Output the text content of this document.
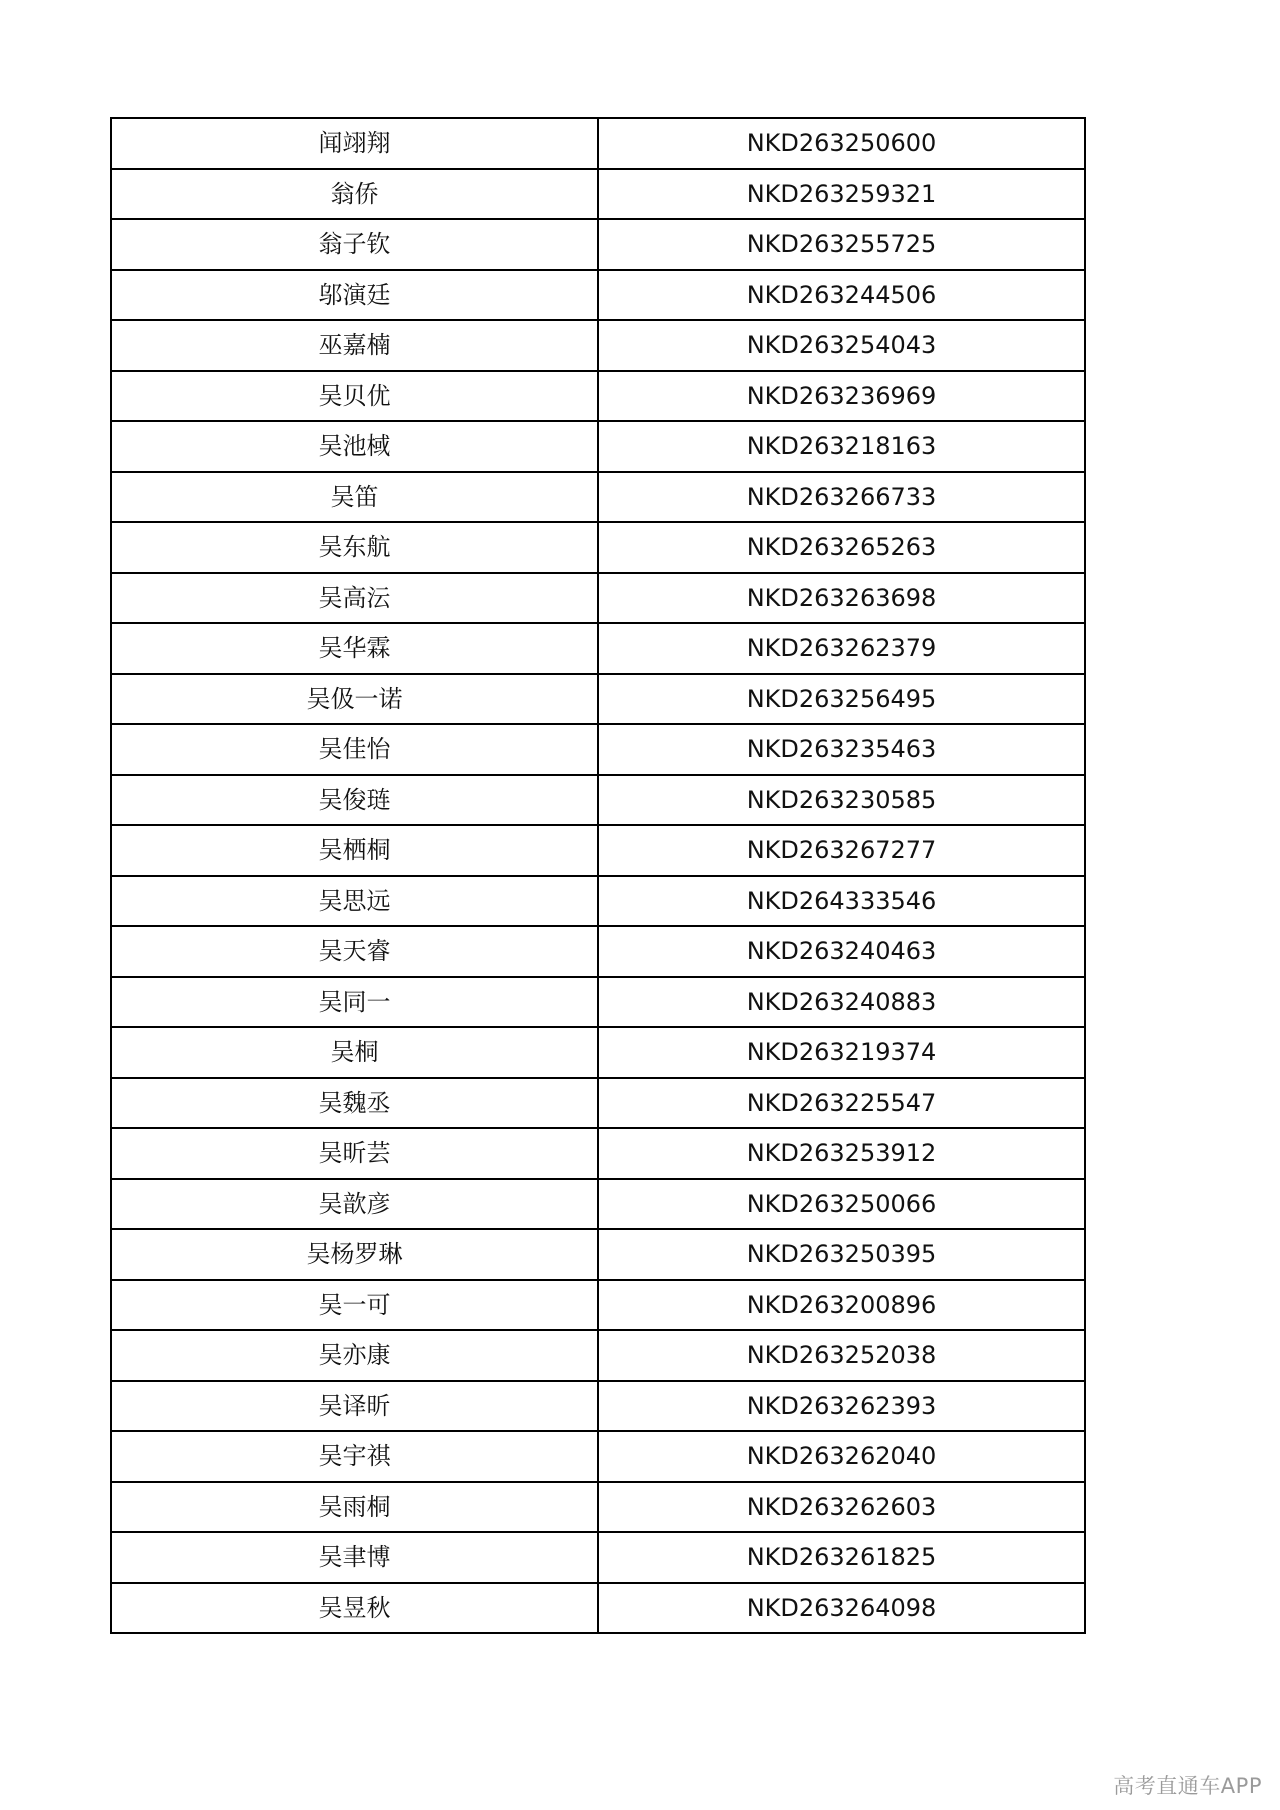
闻翊翔	NKD263250600
翁侨	NKD263259321
翁子钦	NKD263255725
邬演廷	NKD263244506
巫嘉楠	NKD263254043
吴贝优	NKD263236969
吴池棫	NKD263218163
吴笛	NKD263266733
吴东航	NKD263265263
吴高沄	NKD263263698
吴华霖	NKD263262379
吴伋一诺	NKD263256495
吴佳怡	NKD263235463
吴俊琏	NKD263230585
吴栖桐	NKD263267277
吴思远	NKD264333546
吴天睿	NKD263240463
吴同一	NKD263240883
吴桐	NKD263219374
吴魏丞	NKD263225547
吴昕芸	NKD263253912
吴歆彦	NKD263250066
吴杨罗琳	NKD263250395
吴一可	NKD263200896
吴亦康	NKD263252038
吴译昕	NKD263262393
吴宇祺	NKD263262040
吴雨桐	NKD263262603
吴聿博	NKD263261825
吴昱秋	NKD263264098
高考直通车APP
